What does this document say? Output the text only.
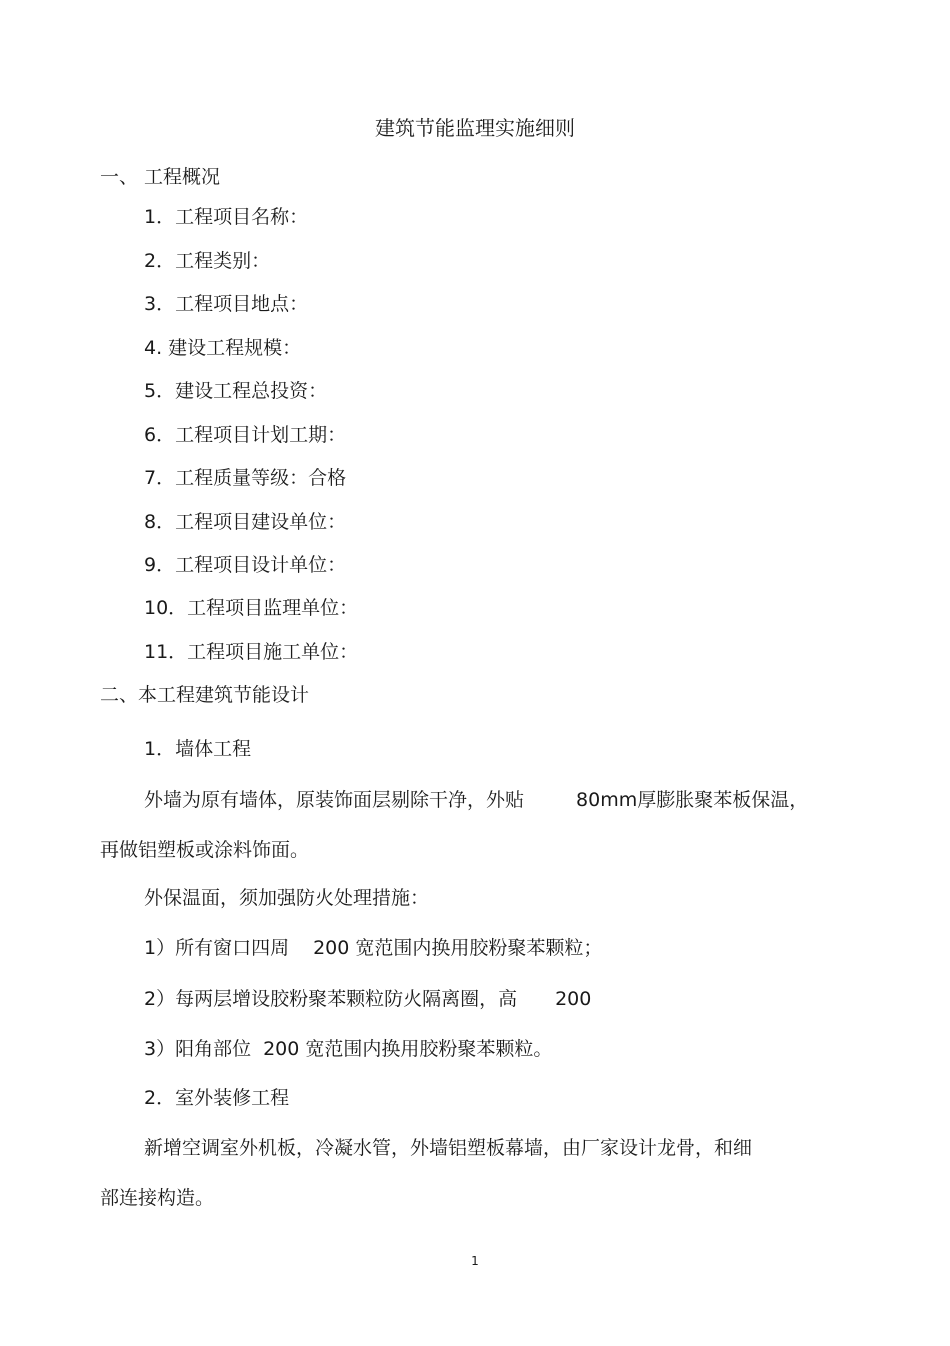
建筑节能监理实施细则
一、 工程概况
1．工程项目名称：
2．工程类别：
3．工程项目地点：
4. 建设工程规模：
5．建设工程总投资：
6．工程项目计划工期：
7．工程质量等级：合格
8．工程项目建设单位：
9．工程项目设计单位：
10．工程项目监理单位：
11．工程项目施工单位：
二、本工程建筑节能设计
1．墙体工程
外墙为原有墙体，原装饰面层剔除干净，外贴	80mm厚膨胀聚苯板保温，
再做铝塑板或涂料饰面。
外保温面，须加强防火处理措施：
1）所有窗口四周 200 宽范围内换用胶粉聚苯颗粒；
2）每两层增设胶粉聚苯颗粒防火隔离圈，高 200
3）阳角部位 200 宽范围内换用胶粉聚苯颗粒。
2．室外装修工程
新增空调室外机板，冷凝水管，外墙铝塑板幕墙，由厂家设计龙骨，和细
部连接构造。
1
